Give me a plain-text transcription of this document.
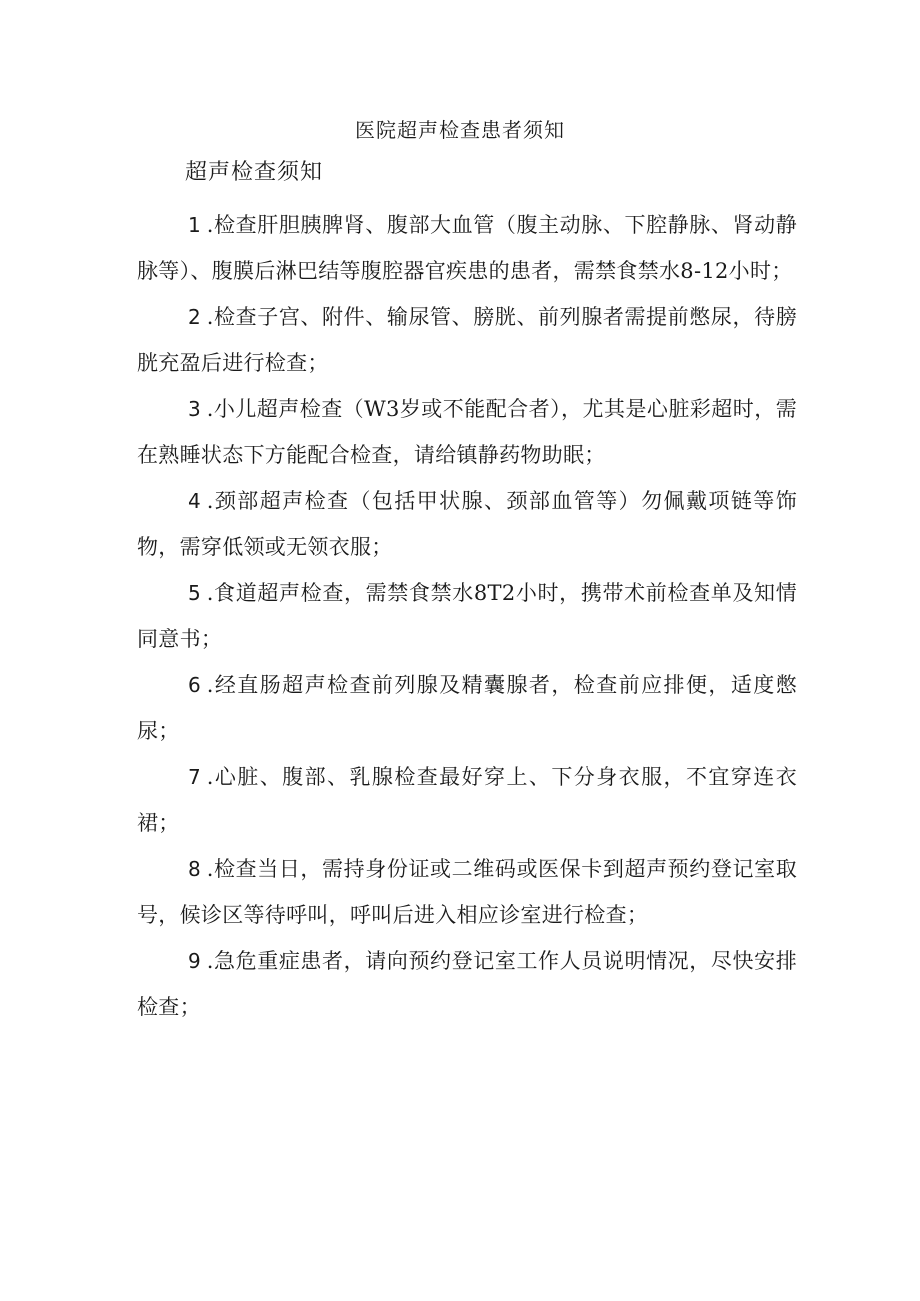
医院超声检查患者须知
超声检查须知
1 .检查肝胆胰脾肾、腹部大血管（腹主动脉、下腔静脉、肾动静脉等）、腹膜后淋巴结等腹腔器官疾患的患者，需禁食禁水8-12小时；
2 .检查子宫、附件、输尿管、膀胱、前列腺者需提前憋尿，待膀胱充盈后进行检查；
3 .小儿超声检查（W3岁或不能配合者），尤其是心脏彩超时，需在熟睡状态下方能配合检查，请给镇静药物助眠；
4 .颈部超声检查（包括甲状腺、颈部血管等）勿佩戴项链等饰物，需穿低领或无领衣服；
5 .食道超声检查，需禁食禁水8T2小时，携带术前检查单及知情同意书；
6 .经直肠超声检查前列腺及精囊腺者，检查前应排便，适度憋尿；
7 .心脏、腹部、乳腺检查最好穿上、下分身衣服，不宜穿连衣裙；
8 .检查当日，需持身份证或二维码或医保卡到超声预约登记室取号，候诊区等待呼叫，呼叫后进入相应诊室进行检查；
9 .急危重症患者，请向预约登记室工作人员说明情况，尽快安排检查；
